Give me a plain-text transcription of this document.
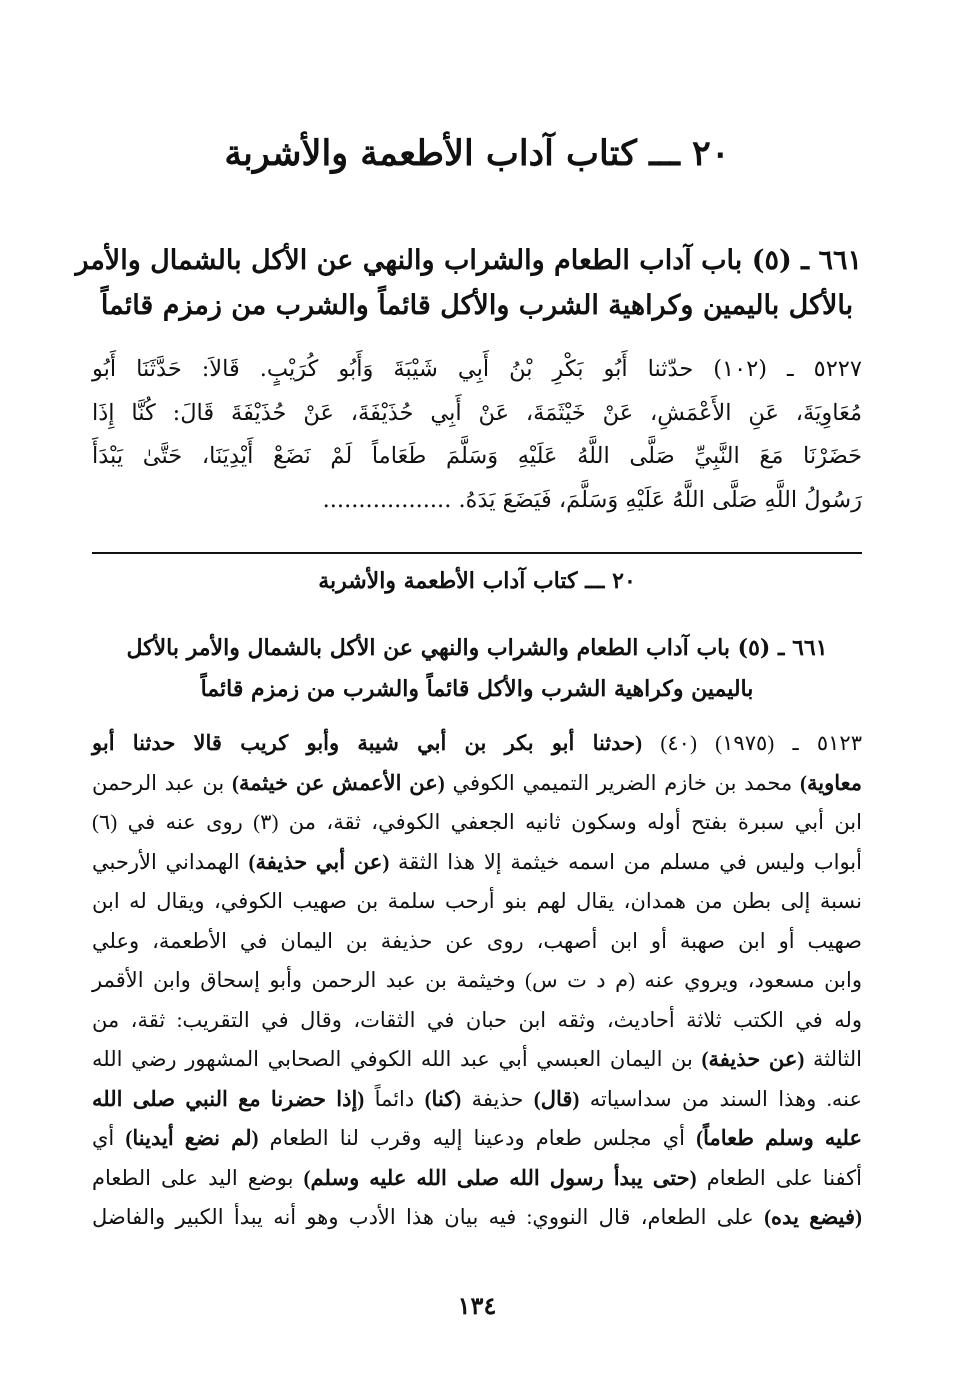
٢٠ ـــ كتاب آداب الأطعمة والأشربة
٦٦١ ـ (٥) باب آداب الطعام والشراب والنهي عن الأكل بالشمال والأمر
بالأكل باليمين وكراهية الشرب والأكل قائماً والشرب من زمزم قائماً
٥٢٢٧ ـ (١٠٢) حدّثنا أَبُو بَكْرِ بْنُ أَبِي شَيْبَةَ وَأَبُو كُرَيْبٍ. قَالاَ: حَدَّثَنَا أَبُو
مُعَاوِيَةَ، عَنِ الأَعْمَشِ، عَنْ خَيْثَمَةَ، عَنْ أَبِي حُذَيْفَةَ، عَنْ حُذَيْفَةَ قَالَ: كُنَّا إِذَا
حَضَرْنَا مَعَ النَّبِيِّ صَلَّى اللَّهُ عَلَيْهِ وَسَلَّمَ طَعَاماً لَمْ نَضَعْ أَيْدِيَنَا، حَتَّىٰ يَبْدَأَ
رَسُولُ اللَّهِ صَلَّى اللَّهُ عَلَيْهِ وَسَلَّمَ، فَيَضَعَ يَدَهُ. ..................
٢٠ ـــ كتاب آداب الأطعمة والأشربة
٦٦١ ـ (٥) باب آداب الطعام والشراب والنهي عن الأكل بالشمال والأمر بالأكل
باليمين وكراهية الشرب والأكل قائماً والشرب من زمزم قائماً
٥١٢٣ ـ (١٩٧٥) (٤٠) (حدثنا أبو بكر بن أبي شيبة وأبو كريب قالا حدثنا أبو
معاوية) محمد بن خازم الضرير التميمي الكوفي (عن الأعمش عن خيثمة) بن عبد الرحمن
ابن أبي سبرة بفتح أوله وسكون ثانيه الجعفي الكوفي، ثقة، من (٣) روى عنه في (٦)
أبواب وليس في مسلم من اسمه خيثمة إلا هذا الثقة (عن أبي حذيفة) الهمداني الأرحبي
نسبة إلى بطن من همدان، يقال لهم بنو أرحب سلمة بن صهيب الكوفي، ويقال له ابن
صهيب أو ابن صهبة أو ابن أصهب، روى عن حذيفة بن اليمان في الأطعمة، وعلي
وابن مسعود، ويروي عنه (م د ت س) وخيثمة بن عبد الرحمن وأبو إسحاق وابن الأقمر
وله في الكتب ثلاثة أحاديث، وثقه ابن حبان في الثقات، وقال في التقريب: ثقة، من
الثالثة (عن حذيفة) بن اليمان العبسي أبي عبد الله الكوفي الصحابي المشهور رضي الله
عنه. وهذا السند من سداسياته (قال) حذيفة (كنا) دائماً (إذا حضرنا مع النبي صلى الله
عليه وسلم طعاماً) أي مجلس طعام ودعينا إليه وقرب لنا الطعام (لم نضع أيدينا) أي
أكفنا على الطعام (حتى يبدأ رسول الله صلى الله عليه وسلم) بوضع اليد على الطعام
(فيضع يده) على الطعام، قال النووي: فيه بيان هذا الأدب وهو أنه يبدأ الكبير والفاضل
١٣٤
